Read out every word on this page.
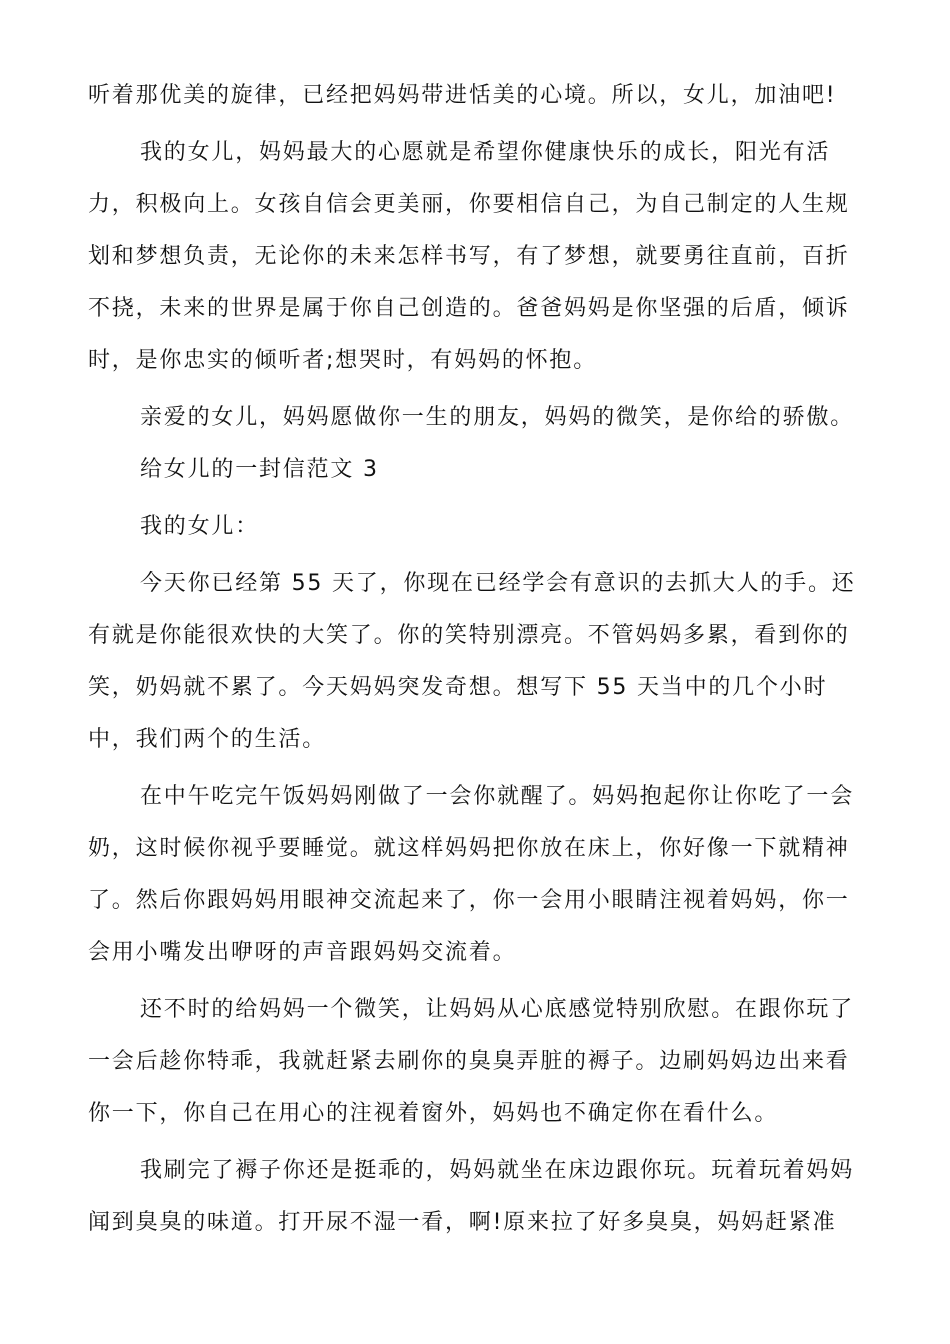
听着那优美的旋律，已经把妈妈带进恬美的心境。所以，女儿，加油吧!
我的女儿，妈妈最大的心愿就是希望你健康快乐的成长，阳光有活
力，积极向上。女孩自信会更美丽，你要相信自己，为自己制定的人生规
划和梦想负责，无论你的未来怎样书写，有了梦想，就要勇往直前，百折
不挠，未来的世界是属于你自己创造的。爸爸妈妈是你坚强的后盾，倾诉
时，是你忠实的倾听者;想哭时，有妈妈的怀抱。
亲爱的女儿，妈妈愿做你一生的朋友，妈妈的微笑，是你给的骄傲。
给女儿的一封信范文 3
我的女儿：
今天你已经第 55 天了，你现在已经学会有意识的去抓大人的手。还
有就是你能很欢快的大笑了。你的笑特别漂亮。不管妈妈多累，看到你的
笑，奶妈就不累了。今天妈妈突发奇想。想写下 55 天当中的几个小时
中，我们两个的生活。
在中午吃完午饭妈妈刚做了一会你就醒了。妈妈抱起你让你吃了一会
奶，这时候你视乎要睡觉。就这样妈妈把你放在床上，你好像一下就精神
了。然后你跟妈妈用眼神交流起来了，你一会用小眼睛注视着妈妈，你一
会用小嘴发出咿呀的声音跟妈妈交流着。
还不时的给妈妈一个微笑，让妈妈从心底感觉特别欣慰。在跟你玩了
一会后趁你特乖，我就赶紧去刷你的臭臭弄脏的褥子。边刷妈妈边出来看
你一下，你自己在用心的注视着窗外，妈妈也不确定你在看什么。
我刷完了褥子你还是挺乖的，妈妈就坐在床边跟你玩。玩着玩着妈妈
闻到臭臭的味道。打开尿不湿一看，啊!原来拉了好多臭臭，妈妈赶紧准
